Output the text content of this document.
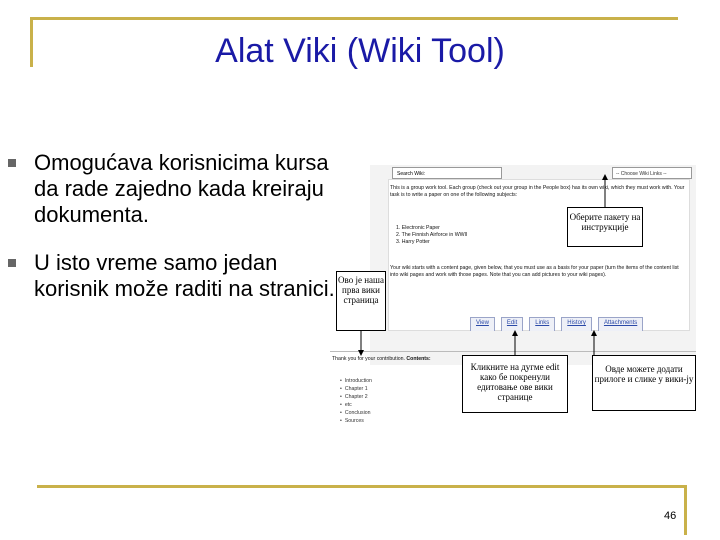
Alat Viki (Wiki Tool)
Omogućava korisnicima kursa da rade zajedno kada kreiraju dokumenta.
U isto vreme samo jedan korisnik može raditi na stranici.
Search Wiki:	-- Choose Wiki Links --
This is a group work tool. Each group (check out your group in the People box) has its own wiki, which they must work with. Your task is to write a paper on one of the following subjects:
1. Electronic Paper
2. The Finnish Airforce in WWII
3. Harry Potter
Your wiki starts with a content page, given below, that you must use as a basis for your paper (turn the items of the content list into wiki pages and work with those pages. Note that you can add pictures to your wiki pages).
View	Edit	Links	History	Attachments
Thank you for your contribution. Contents:
• Introduction
• Chapter 1
• Chapter 2
• etc
• Conclusion
• Sources
Oберите пакету на инструкције
Ово је наша прва вики страница
Кликните на дугме edit како бе покренули едитовање ове вики странице
Овде можете додати прилоге и слике у вики-ју
46
